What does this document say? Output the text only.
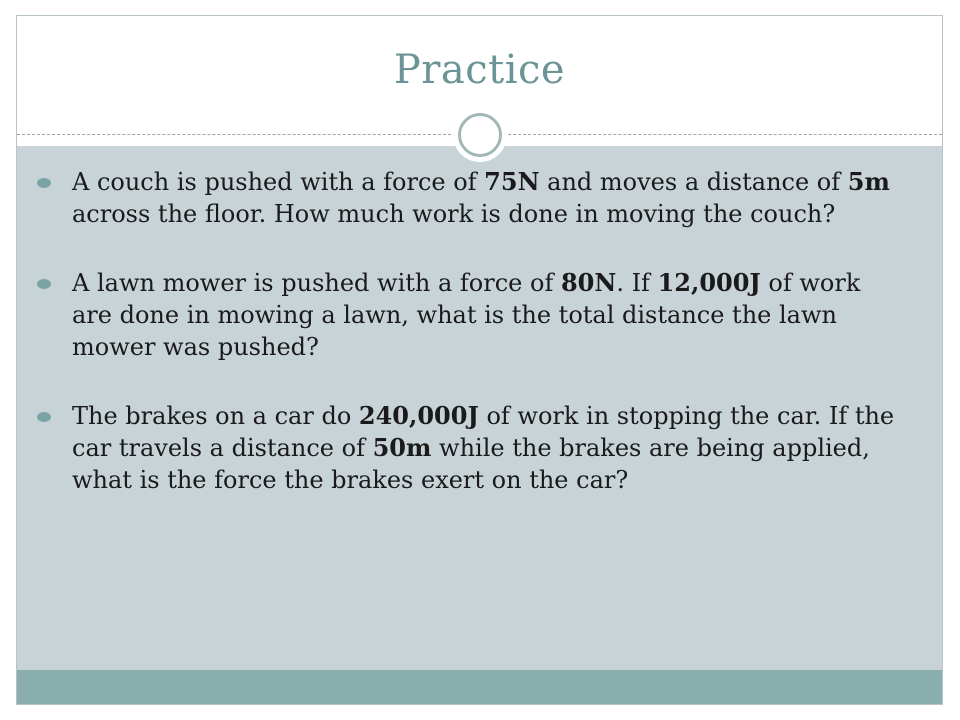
Practice
A couch is pushed with a force of 75N and moves a distance of 5m across the floor. How much work is done in moving the couch?
A lawn mower is pushed with a force of 80N. If 12,000J of work are done in mowing a lawn, what is the total distance the lawn mower was pushed?
The brakes on a car do 240,000J of work in stopping the car. If the car travels a distance of 50m while the brakes are being applied, what is the force the brakes exert on the car?
